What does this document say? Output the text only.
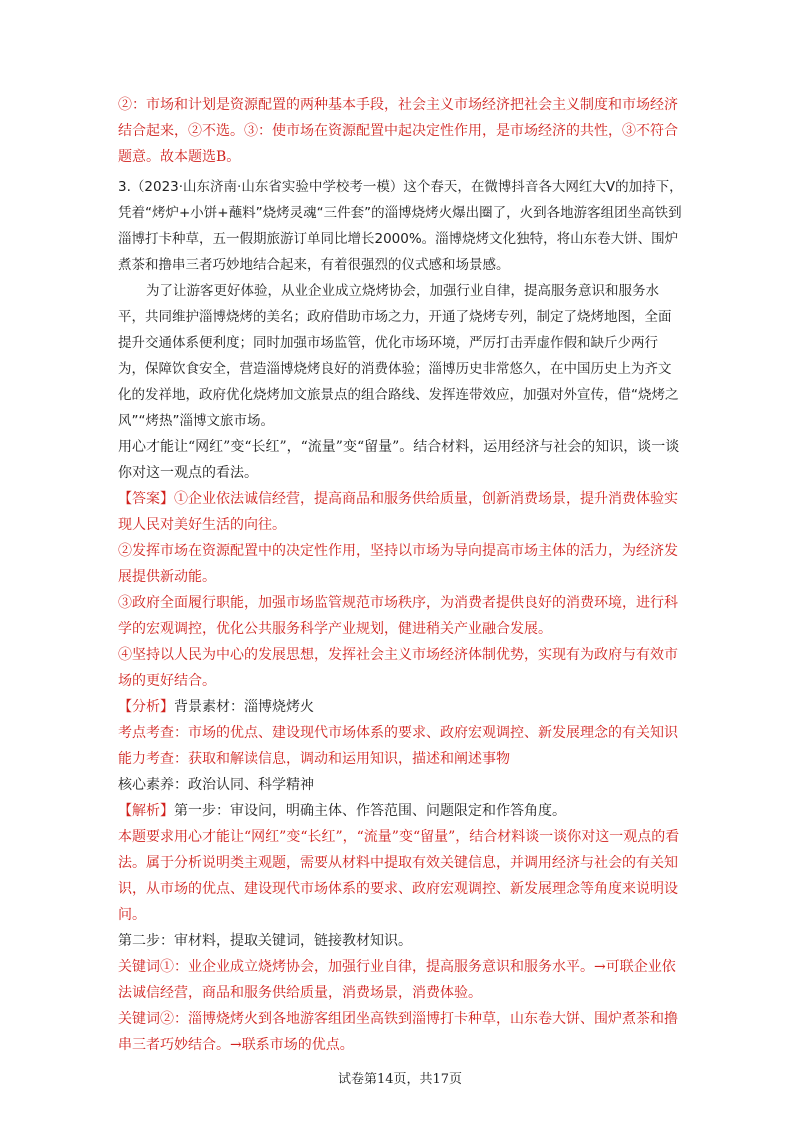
②：市场和计划是资源配置的两种基本手段，社会主义市场经济把社会主义制度和市场经济结合起来，②不选。③：使市场在资源配置中起决定性作用，是市场经济的共性，③不符合题意。故本题选B。

3.（2023·山东济南·山东省实验中学校考一模）这个春天，在微博抖音各大网红大V的加持下，凭着“烤炉+小饼+蘸料”烧烤灵魂“三件套”的淄博烧烤火爆出圈了，火到各地游客组团坐高铁到淄博打卡种草，五一假期旅游订单同比增长2000%。淄博烧烤文化独特，将山东卷大饼、围炉煮茶和撸串三者巧妙地结合起来，有着很强烈的仪式感和场景感。

为了让游客更好体验，从业企业成立烧烤协会，加强行业自律，提高服务意识和服务水平，共同维护淄博烧烤的美名；政府借助市场之力，开通了烧烤专列，制定了烧烤地图，全面提升交通体系便利度；同时加强市场监管，优化市场环境，严厉打击弄虚作假和缺斤少两行为，保障饮食安全，营造淄博烧烤良好的消费体验；淄博历史非常悠久，在中国历史上为齐文化的发祥地，政府优化烧烤加文旅景点的组合路线、发挥连带效应，加强对外宣传，借“烧烤之风”“烤热”淄博文旅市场。

用心才能让“网红”变“长红”，“流量”变“留量”。结合材料，运用经济与社会的知识，谈一谈你对这一观点的看法。

【答案】①企业依法诚信经营，提高商品和服务供给质量，创新消费场景，提升消费体验实现人民对美好生活的向往。

②发挥市场在资源配置中的决定性作用，坚持以市场为导向提高市场主体的活力，为经济发展提供新动能。

③政府全面履行职能，加强市场监管规范市场秩序，为消费者提供良好的消费环境，进行科学的宏观调控，优化公共服务科学产业规划，健进稍关产业融合发展。

④坚持以人民为中心的发展思想，发挥社会主义市场经济体制优势，实现有为政府与有效市场的更好结合。

【分析】背景素材：淄博烧烤火

考点考查：市场的优点、建设现代市场体系的要求、政府宏观调控、新发展理念的有关知识

能力考查：获取和解读信息，调动和运用知识，描述和阐述事物

核心素养：政治认同、科学精神

【解析】第一步：审设问，明确主体、作答范围、问题限定和作答角度。

本题要求用心才能让“网红”变“长红”，“流量”变“留量”，结合材料谈一谈你对这一观点的看法。属于分析说明类主观题，需要从材料中提取有效关键信息，并调用经济与社会的有关知识，从市场的优点、建设现代市场体系的要求、政府宏观调控、新发展理念等角度来说明设问。

第二步：审材料，提取关键词，链接教材知识。

关键词①：业企业成立烧烤协会，加强行业自律，提高服务意识和服务水平。→可联企业依法诚信经营，商品和服务供给质量，消费场景，消费体验。

关键词②：淄博烧烤火到各地游客组团坐高铁到淄博打卡种草，山东卷大饼、围炉煮茶和撸串三者巧妙结合。→联系市场的优点。

试卷第14页，共17页
